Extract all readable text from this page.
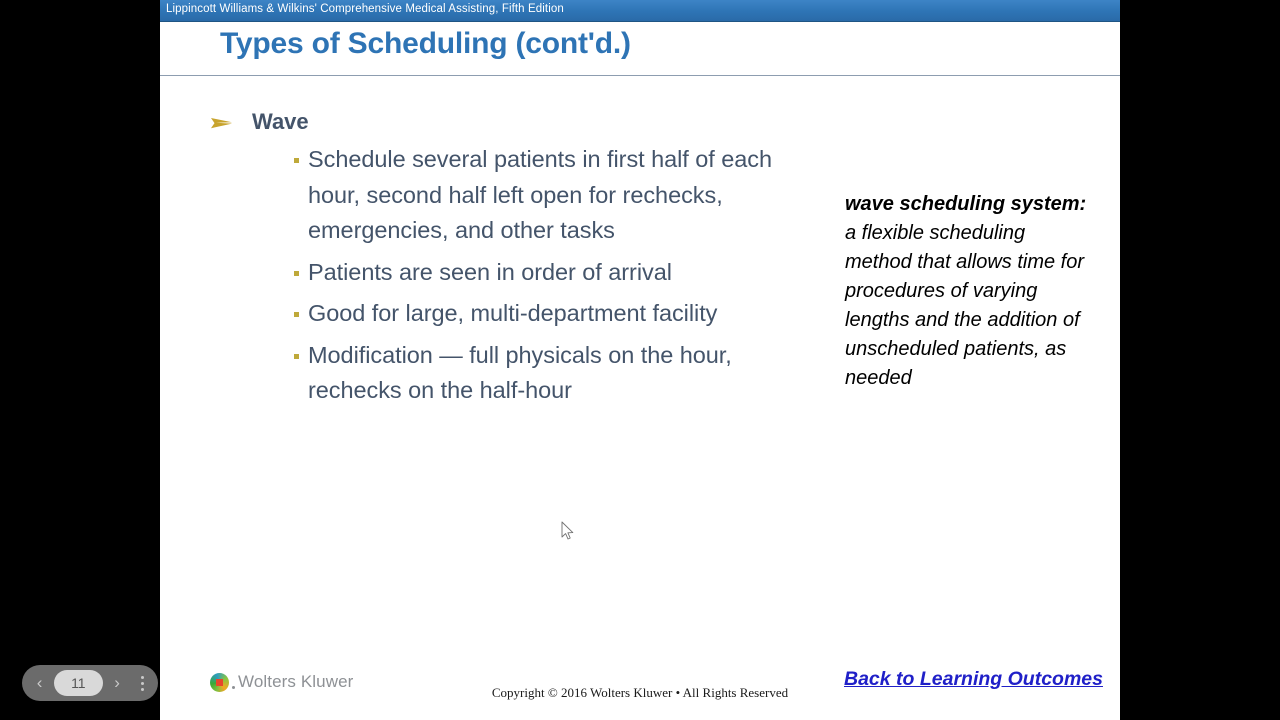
Lippincott Williams & Wilkins' Comprehensive Medical Assisting, Fifth Edition
Types of Scheduling (cont'd.)
Wave
Schedule several patients in first half of each hour, second half left open for rechecks, emergencies, and other tasks
Patients are seen in order of arrival
Good for large, multi-department facility
Modification — full physicals on the hour, rechecks on the half-hour
wave scheduling system: a flexible scheduling method that allows time for procedures of varying lengths and the addition of unscheduled patients, as needed
Wolters Kluwer
Copyright © 2016 Wolters Kluwer • All Rights Reserved
Back to Learning Outcomes
‹	11	›
